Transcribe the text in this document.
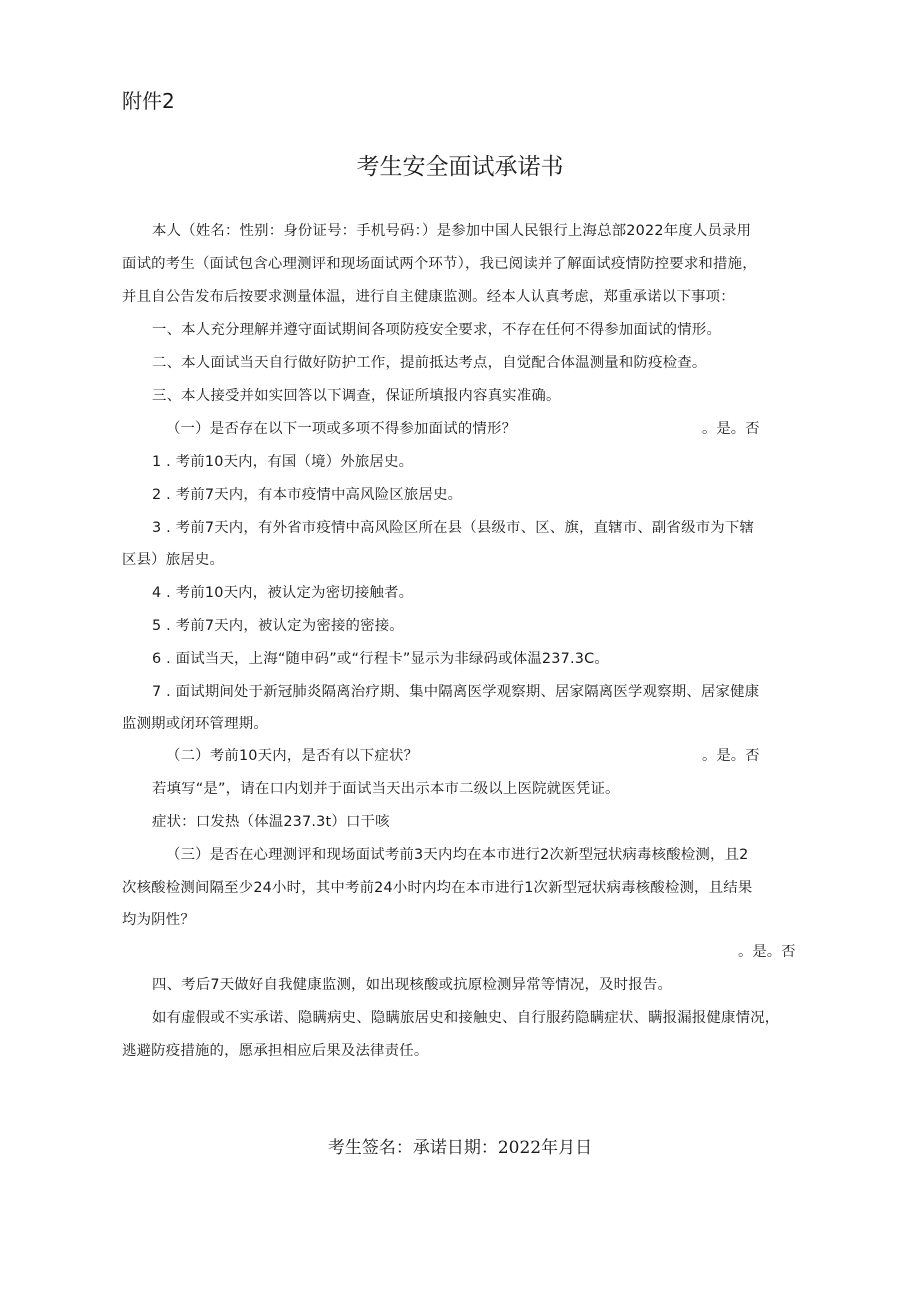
附件2

考生安全面试承诺书

本人（姓名：性别：身份证号：手机号码：）是参加中国人民银行上海总部2022年度人员录用

面试的考生（面试包含心理测评和现场面试两个环节），我已阅读并了解面试疫情防控要求和措施，

并且自公告发布后按要求测量体温，进行自主健康监测。经本人认真考虑，郑重承诺以下事项：

一、本人充分理解并遵守面试期间各项防疫安全要求，不存在任何不得参加面试的情形。

二、本人面试当天自行做好防护工作，提前抵达考点，自觉配合体温测量和防疫检查。

三、本人接受并如实回答以下调查，保证所填报内容真实准确。

（一）是否存在以下一项或多项不得参加面试的情形？	。是。否

1 . 考前10天内，有国（境）外旅居史。

2 . 考前7天内，有本市疫情中高风险区旅居史。

3 . 考前7天内，有外省市疫情中高风险区所在县（县级市、区、旗，直辖市、副省级市为下辖

区县）旅居史。

4 . 考前10天内，被认定为密切接触者。

5 . 考前7天内，被认定为密接的密接。

6 . 面试当天，上海“随申码”或“行程卡”显示为非绿码或体温237.3C。

7 . 面试期间处于新冠肺炎隔离治疗期、集中隔离医学观察期、居家隔离医学观察期、居家健康

监测期或闭环管理期。

（二）考前10天内，是否有以下症状？	。是。否

若填写“是”，请在口内划并于面试当天出示本市二级以上医院就医凭证。

症状：口发热（体温237.3t）口干咳

（三）是否在心理测评和现场面试考前3天内均在本市进行2次新型冠状病毒核酸检测，且2

次核酸检测间隔至少24小时，其中考前24小时内均在本市进行1次新型冠状病毒核酸检测，且结果

均为阴性？

。是。否

四、考后7天做好自我健康监测，如出现核酸或抗原检测异常等情况，及时报告。

如有虚假或不实承诺、隐瞒病史、隐瞒旅居史和接触史、自行服药隐瞒症状、瞒报漏报健康情况，

逃避防疫措施的，愿承担相应后果及法律责任。

考生签名：承诺日期：2022年月日
